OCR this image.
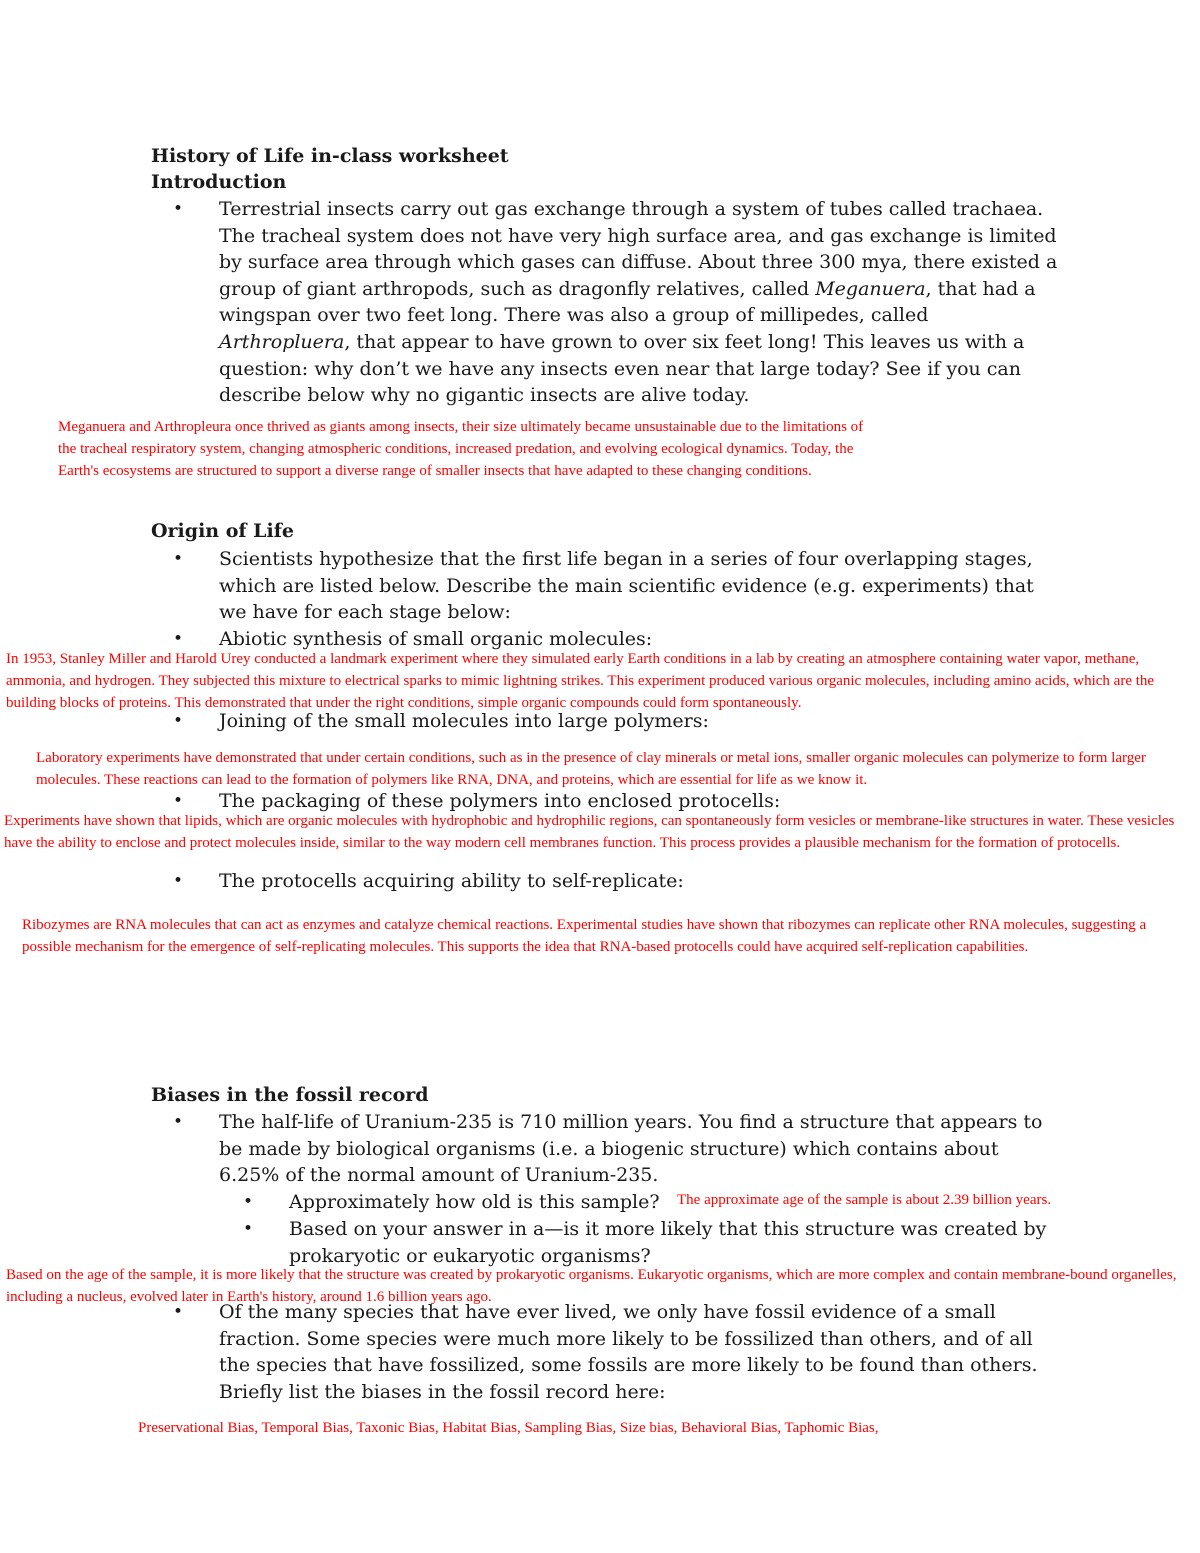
History of Life in-class worksheet

Introduction

• Terrestrial insects carry out gas exchange through a system of tubes called trachaea. The tracheal system does not have very high surface area, and gas exchange is limited by surface area through which gases can diffuse. About three 300 mya, there existed a group of giant arthropods, such as dragonfly relatives, called Meganuera, that had a wingspan over two feet long. There was also a group of millipedes, called Arthropluera, that appear to have grown to over six feet long! This leaves us with a question: why don’t we have any insects even near that large today? See if you can describe below why no gigantic insects are alive today.

Meganuera and Arthropleura once thrived as giants among insects, their size ultimately became unsustainable due to the limitations of the tracheal respiratory system, changing atmospheric conditions, increased predation, and evolving ecological dynamics. Today, the Earth's ecosystems are structured to support a diverse range of smaller insects that have adapted to these changing conditions.

Origin of Life

• Scientists hypothesize that the first life began in a series of four overlapping stages, which are listed below. Describe the main scientific evidence (e.g. experiments) that we have for each stage below:

• Abiotic synthesis of small organic molecules:

In 1953, Stanley Miller and Harold Urey conducted a landmark experiment where they simulated early Earth conditions in a lab by creating an atmosphere containing water vapor, methane, ammonia, and hydrogen. They subjected this mixture to electrical sparks to mimic lightning strikes. This experiment produced various organic molecules, including amino acids, which are the building blocks of proteins. This demonstrated that under the right conditions, simple organic compounds could form spontaneously.

• Joining of the small molecules into large polymers:

Laboratory experiments have demonstrated that under certain conditions, such as in the presence of clay minerals or metal ions, smaller organic molecules can polymerize to form larger molecules. These reactions can lead to the formation of polymers like RNA, DNA, and proteins, which are essential for life as we know it.

• The packaging of these polymers into enclosed protocells:

Experiments have shown that lipids, which are organic molecules with hydrophobic and hydrophilic regions, can spontaneously form vesicles or membrane-like structures in water. These vesicles have the ability to enclose and protect molecules inside, similar to the way modern cell membranes function. This process provides a plausible mechanism for the formation of protocells.

• The protocells acquiring ability to self-replicate:

Ribozymes are RNA molecules that can act as enzymes and catalyze chemical reactions. Experimental studies have shown that ribozymes can replicate other RNA molecules, suggesting a possible mechanism for the emergence of self-replicating molecules. This supports the idea that RNA-based protocells could have acquired self-replication capabilities.

Biases in the fossil record

• The half-life of Uranium-235 is 710 million years. You find a structure that appears to be made by biological organisms (i.e. a biogenic structure) which contains about 6.25% of the normal amount of Uranium-235.

• Approximately how old is this sample?	The approximate age of the sample is about 2.39 billion years.

• Based on your answer in a—is it more likely that this structure was created by prokaryotic or eukaryotic organisms?

Based on the age of the sample, it is more likely that the structure was created by prokaryotic organisms. Eukaryotic organisms, which are more complex and contain membrane-bound organelles, including a nucleus, evolved later in Earth's history, around 1.6 billion years ago.

• Of the many species that have ever lived, we only have fossil evidence of a small fraction. Some species were much more likely to be fossilized than others, and of all the species that have fossilized, some fossils are more likely to be found than others. Briefly list the biases in the fossil record here:

Preservational Bias, Temporal Bias, Taxonic Bias, Habitat Bias, Sampling Bias, Size bias, Behavioral Bias, Taphomic Bias,
